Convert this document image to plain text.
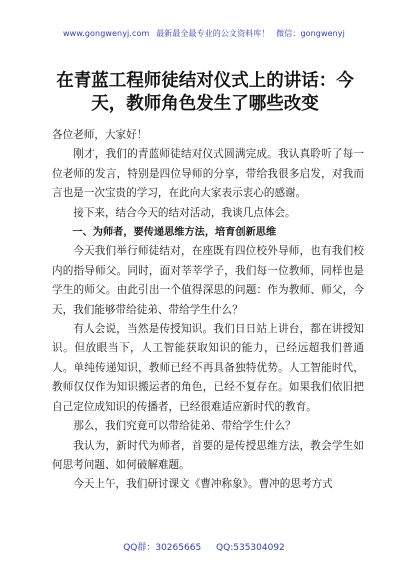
www.gongwenyj.com 最新最全最专业的公文资料库！ 微信：gongwenyj
在青蓝工程师徒结对仪式上的讲话：今天，教师角色发生了哪些改变

各位老师，大家好！

刚才，我们的青蓝师徒结对仪式圆满完成。我认真聆听了每一位老师的发言，特别是四位导师的分享，带给我很多启发，对我而言也是一次宝贵的学习，在此向大家表示衷心的感谢。

接下来，结合今天的结对活动，我谈几点体会。

一、为师者，要传递思维方法，培育创新思维

今天我们举行师徒结对，在座既有四位校外导师，也有我们校内的指导师父。同时，面对莘莘学子，我们每一位教师，同样也是学生的师父。由此引出一个值得深思的问题：作为教师、师父，今天，我们能够带给徒弟、带给学生什么？

有人会说，当然是传授知识。我们日日站上讲台，都在讲授知识。但放眼当下，人工智能获取知识的能力，已经远超我们普通人。单纯传递知识，教师已经不再具备独特优势。人工智能时代，教师仅仅作为知识搬运者的角色，已经不复存在。如果我们依旧把自己定位成知识的传播者，已经很难适应新时代的教育。

那么，我们究竟可以带给徒弟、带给学生什么？

我认为，新时代为师者，首要的是传授思维方法，教会学生如何思考问题、如何破解难题。

今天上午，我们研讨课文《曹冲称象》。曹冲的思考方式

QQ群：30265665 QQ:535304092
